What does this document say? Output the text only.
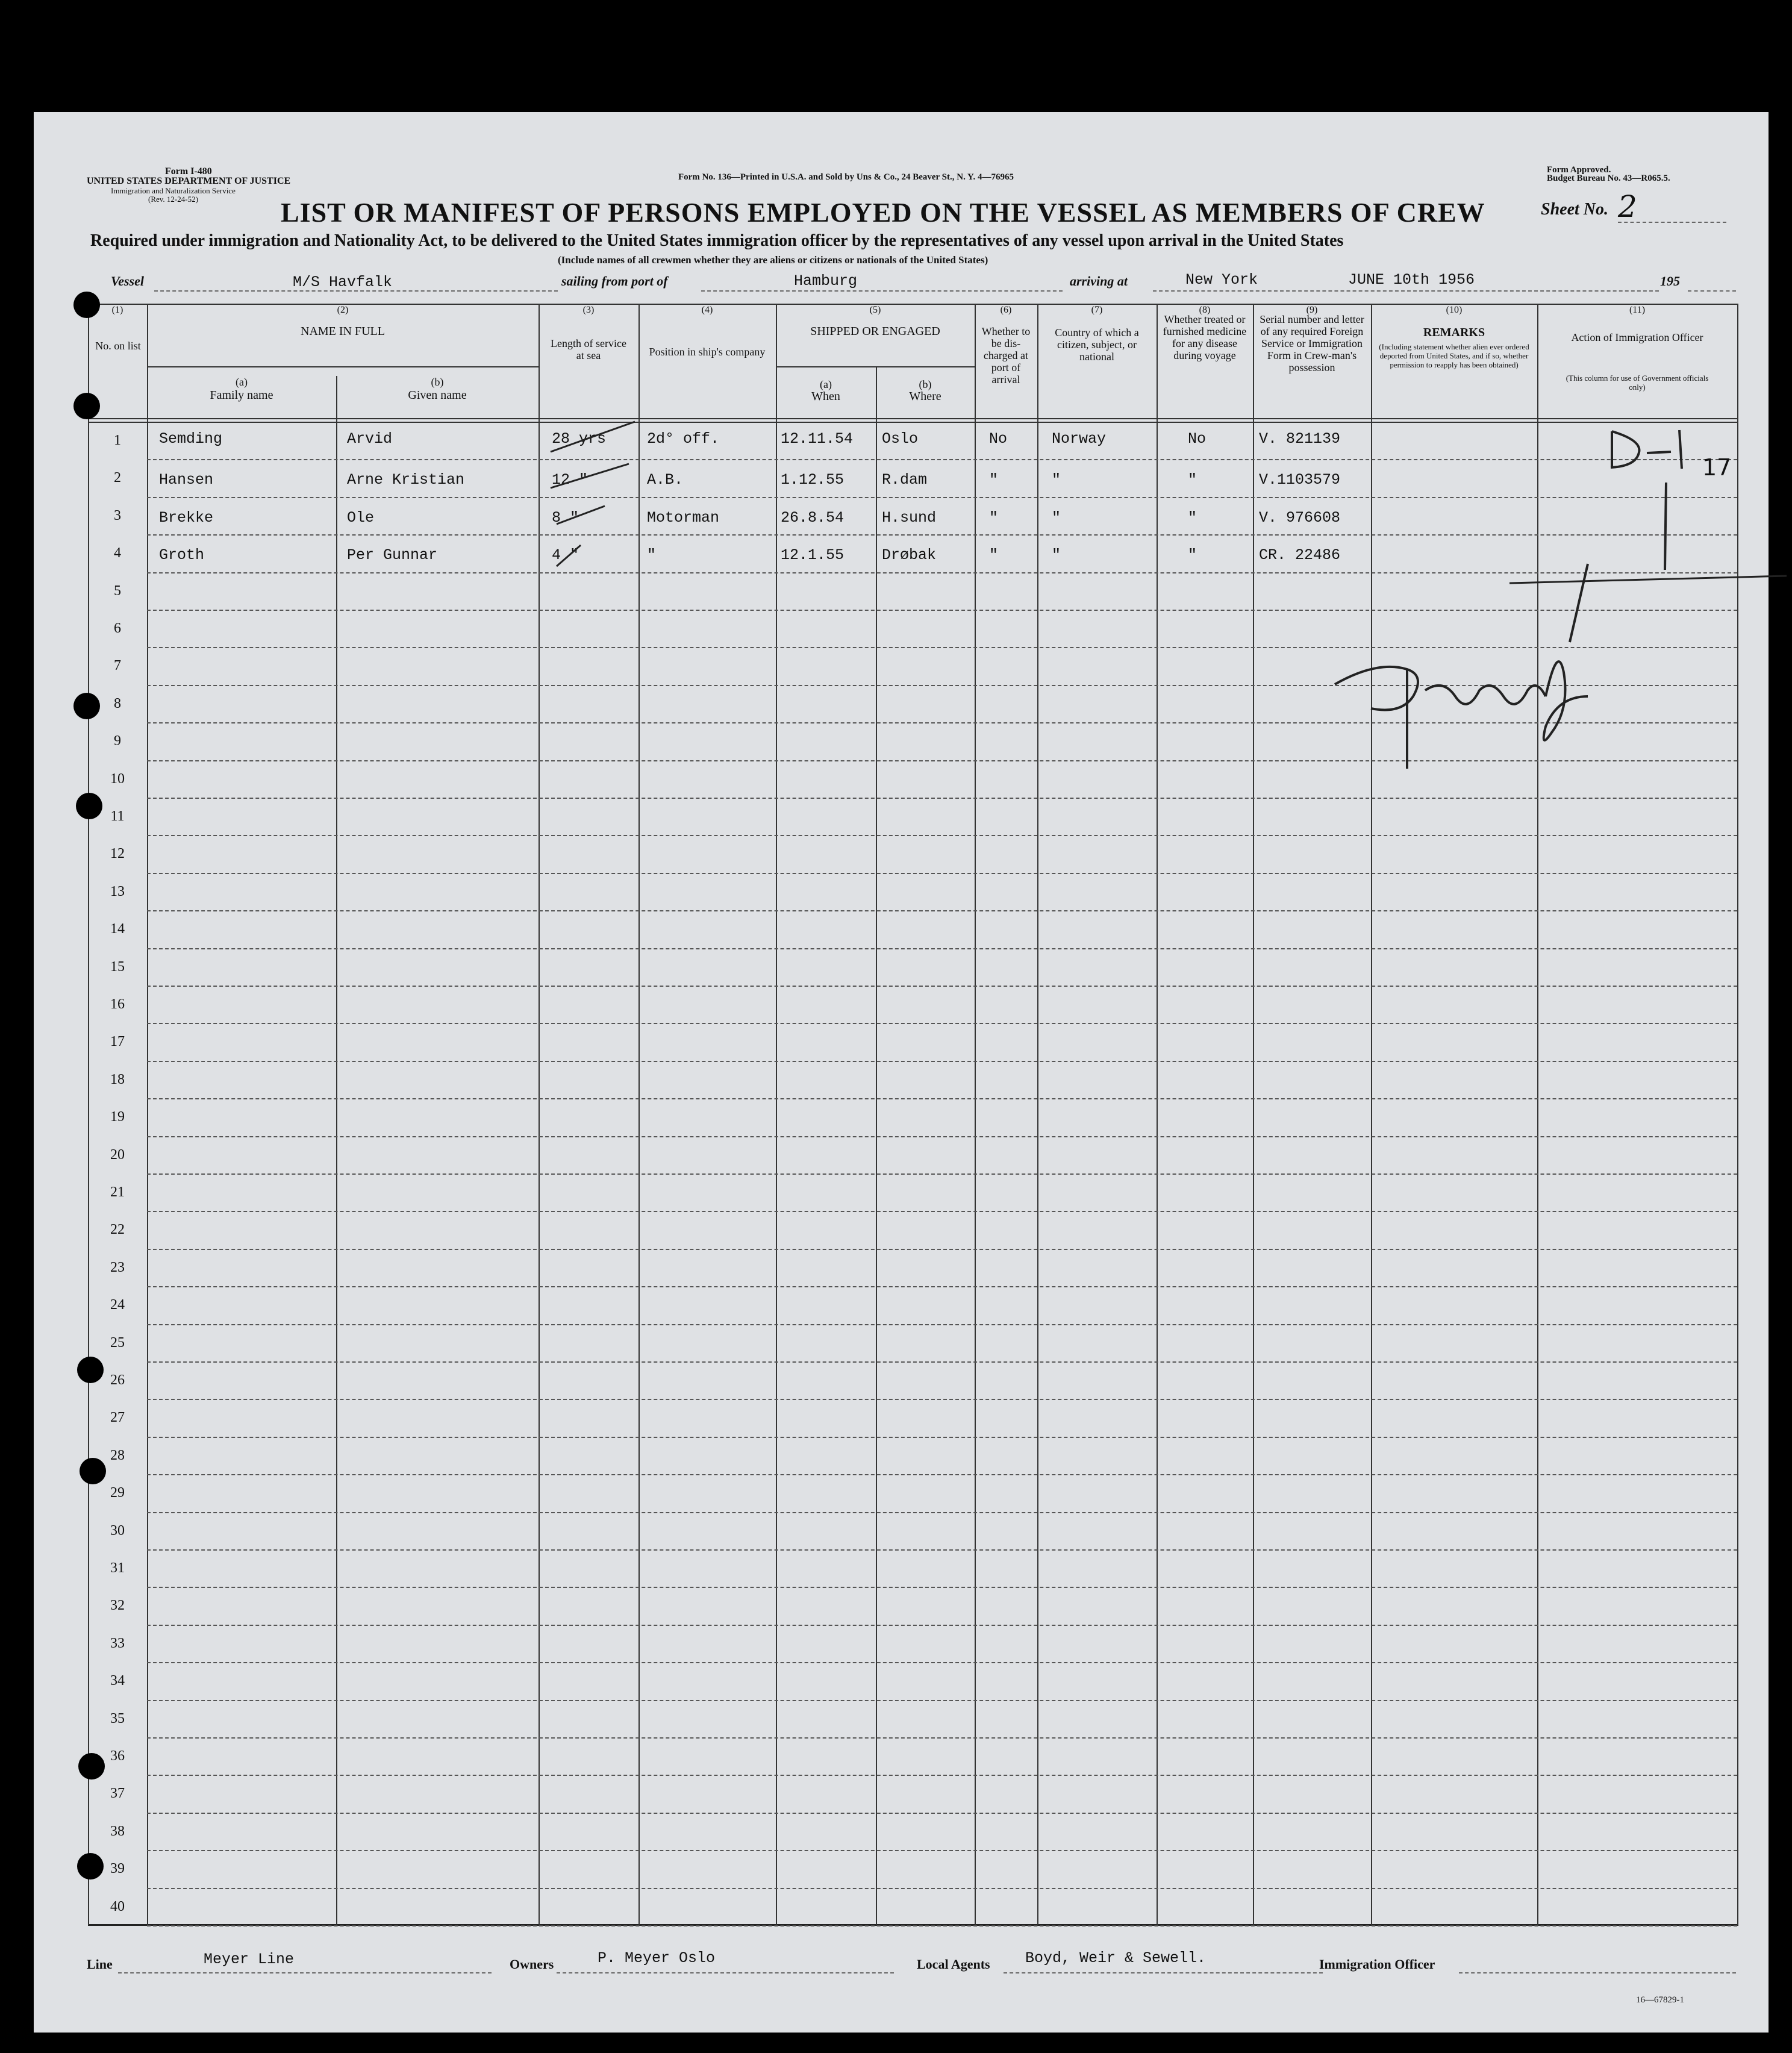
Form I-480
UNITED STATES DEPARTMENT OF JUSTICE
Immigration and Naturalization Service
(Rev. 12-24-52)
Form No. 136—Printed in U.S.A. and Sold by Uns & Co., 24 Beaver St., N. Y. 4—76965
Form Approved.
Budget Bureau No. 43—R065.5.
LIST OR MANIFEST OF PERSONS EMPLOYED ON THE VESSEL AS MEMBERS OF CREW	Sheet No. 2
Required under immigration and Nationality Act, to be delivered to the United States immigration officer by the representatives of any vessel upon arrival in the United States
(Include names of all crewmen whether they are aliens or citizens or nationals of the United States)
Vessel	M/S Havfalk	sailing from port of	Hamburg	arriving at	New York	JUNE 10th 1956	195
(1)	(2)	(3)	(4)	(5)	(6)	(7)	(8)	(9)	(10)	(11)
No. on list
NAME IN FULL
(a)
Family name
(b)
Given name
Length of service at sea	Position in ship's company
SHIPPED OR ENGAGED
(a)
When
(b)
Where
Whether to be dis-charged at port of arrival
Country of which a citizen, subject, or national
Whether treated or furnished medicine for any disease during voyage
Serial number and letter of any required Foreign Service or Immigration Form in Crew-man's possession
REMARKS
(Including statement whether alien ever ordered deported from United States, and if so, whether permission to reapply has been obtained)
Action of Immigration Officer
(This column for use of Government officials only)
1	Semding	Arvid	28 yrs	2d° off.	12.11.54 Oslo	No	Norway	No	V. 821139
2	Hansen	Arne Kristian	12 "	A.B.	1.12.55	R.dam	"	"	"	V.1103579
3	Brekke	Ole	8 "	Motorman	26.8.54	H.sund	"	"	"	V. 976608
4	Groth	Per Gunnar	4 "	"	12.1.55	Drøbak	"	"	"	CR. 22486
5
6
7
8
9
10
11
12
13
14
15
16
17
18
19
20
21
22
23
24
25
26
27
28
29
30
31
32
33
34
35
36
37
38
39
40
17
Line	Meyer Line	Owners	P. Meyer Oslo	Local Agents Boyd, Weir & Sewell.	Immigration Officer
16—67829-1
